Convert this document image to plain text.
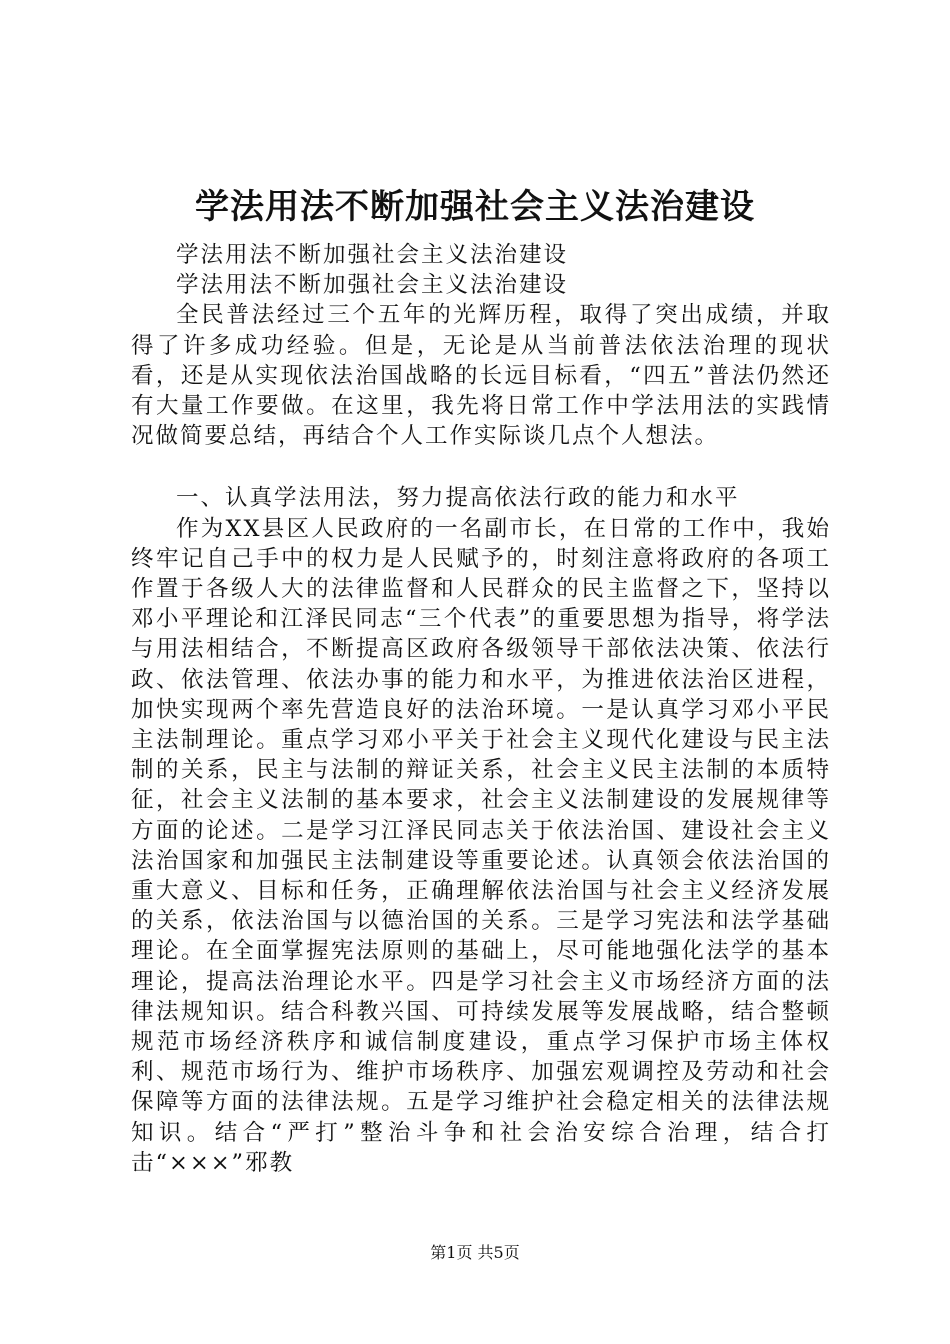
学法用法不断加强社会主义法治建设

学法用法不断加强社会主义法治建设

学法用法不断加强社会主义法治建设

全民普法经过三个五年的光辉历程，取得了突出成绩，并取得了许多成功经验。但是，无论是从当前普法依法治理的现状看，还是从实现依法治国战略的长远目标看，“四五”普法仍然还有大量工作要做。在这里，我先将日常工作中学法用法的实践情况做简要总结，再结合个人工作实际谈几点个人想法。

一、认真学法用法，努力提高依法行政的能力和水平

作为XX县区人民政府的一名副市长，在日常的工作中，我始终牢记自己手中的权力是人民赋予的，时刻注意将政府的各项工作置于各级人大的法律监督和人民群众的民主监督之下，坚持以邓小平理论和江泽民同志“三个代表”的重要思想为指导，将学法与用法相结合，不断提高区政府各级领导干部依法决策、依法行政、依法管理、依法办事的能力和水平，为推进依法治区进程，加快实现两个率先营造良好的法治环境。一是认真学习邓小平民主法制理论。重点学习邓小平关于社会主义现代化建设与民主法制的关系，民主与法制的辩证关系，社会主义民主法制的本质特征，社会主义法制的基本要求，社会主义法制建设的发展规律等方面的论述。二是学习江泽民同志关于依法治国、建设社会主义法治国家和加强民主法制建设等重要论述。认真领会依法治国的重大意义、目标和任务，正确理解依法治国与社会主义经济发展的关系，依法治国与以德治国的关系。三是学习宪法和法学基础理论。在全面掌握宪法原则的基础上，尽可能地强化法学的基本理论，提高法治理论水平。四是学习社会主义市场经济方面的法律法规知识。结合科教兴国、可持续发展等发展战略，结合整顿规范市场经济秩序和诚信制度建设，重点学习保护市场主体权利、规范市场行为、维护市场秩序、加强宏观调控及劳动和社会保障等方面的法律法规。五是学习维护社会稳定相关的法律法规知识。结合“严打”整治斗争和社会治安综合治理，结合打击“×××”邪教

第1页 共5页
